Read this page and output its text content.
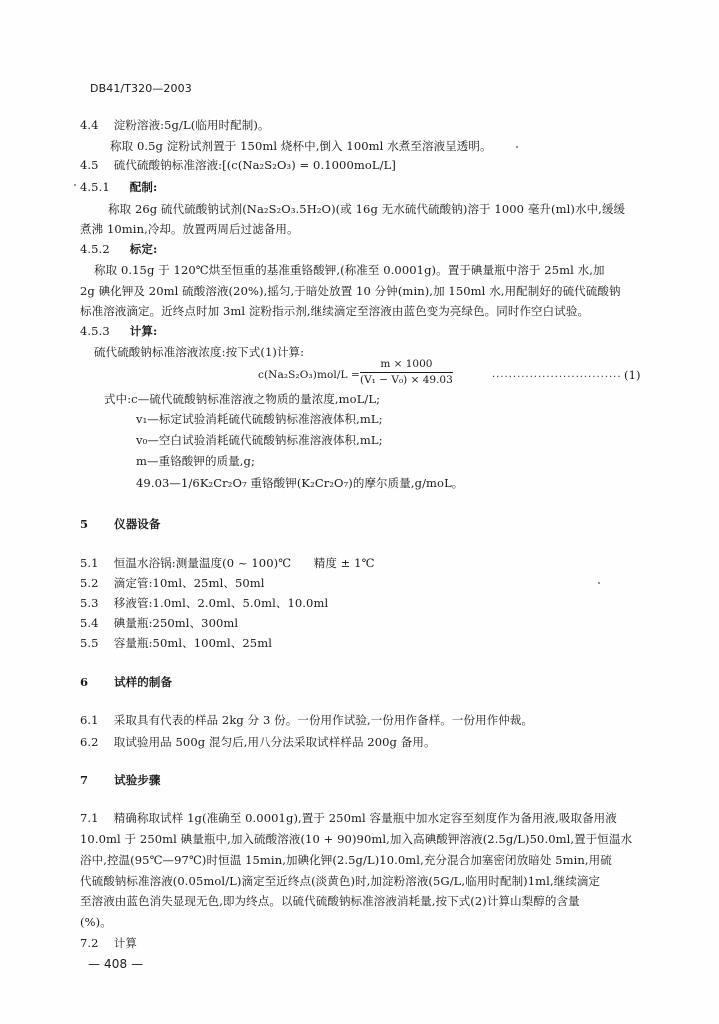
DB41/T320—2003
4.4 淀粉溶液:5g/L(临用时配制)。
称取 0.5g 淀粉试剂置于 150ml 烧杯中,倒入 100ml 水煮至溶液呈透明。
4.5 硫代硫酸钠标准溶液:[(c(Na₂S₂O₃) = 0.1000moL/L]
4.5.1 配制:
称取 26g 硫代硫酸钠试剂(Na₂S₂O₃.5H₂O)(或 16g 无水硫代硫酸钠)溶于 1000 毫升(ml)水中,缓缓
煮沸 10min,冷却。放置两周后过滤备用。
4.5.2 标定:
称取 0.15g 于 120℃烘至恒重的基准重铬酸钾,(称准至 0.0001g)。置于碘量瓶中溶于 25ml 水,加
2g 碘化钾及 20ml 硫酸溶液(20%),摇匀,于暗处放置 10 分钟(min),加 150ml 水,用配制好的硫代硫酸钠
标准溶液滴定。近终点时加 3ml 淀粉指示剂,继续滴定至溶液由蓝色变为亮绿色。同时作空白试验。
4.5.3 计算:
硫代硫酸钠标准溶液浓度:按下式(1)计算:
$c(Na_2S_2O_3)mol/L = \frac{m \times 1000}{\text{(V₁ − V₀) × 49.03}}$	............................... (1)
式中:c—硫代硫酸钠标准溶液之物质的量浓度,moL/L;
v₁—标定试验消耗硫代硫酸钠标准溶液体积,mL;
v₀—空白试验消耗硫代硫酸钠标准溶液体积,mL;
m—重铬酸钾的质量,g;
49.03—1/6K₂Cr₂O₇ 重铬酸钾(K₂Cr₂O₇)的摩尔质量,g/moL。
5 仪器设备
5.1 恒温水浴锅:测量温度(0 ~ 100)℃      精度 ± 1℃
5.2 滴定管:10ml、25ml、50ml
5.3 移液管:1.0ml、2.0ml、5.0ml、10.0ml
5.4 碘量瓶:250ml、300ml
5.5 容量瓶:50ml、100ml、25ml
6 试样的制备
6.1 采取具有代表的样品 2kg 分 3 份。一份用作试验,一份用作备样。一份用作仲裁。
6.2 取试验用品 500g 混匀后,用八分法采取试样样品 200g 备用。
7 试验步骤
7.1 精确称取试样 1g(准确至 0.0001g),置于 250ml 容量瓶中加水定容至刻度作为备用液,吸取备用液
10.0ml 于 250ml 碘量瓶中,加入硫酸溶液(10 + 90)90ml,加入高碘酸钾溶液(2.5g/L)50.0ml,置于恒温水
浴中,控温(95℃—97℃)时恒温 15min,加碘化钾(2.5g/L)10.0ml,充分混合加塞密闭放暗处 5min,用硫
代硫酸钠标准溶液(0.05mol/L)滴定至近终点(淡黄色)时,加淀粉溶液(5G/L,临用时配制)1ml,继续滴定
至溶液由蓝色消失显现无色,即为终点。以硫代硫酸钠标准溶液消耗量,按下式(2)计算山梨醇的含量
(%)。
7.2 计算
— 408 —
